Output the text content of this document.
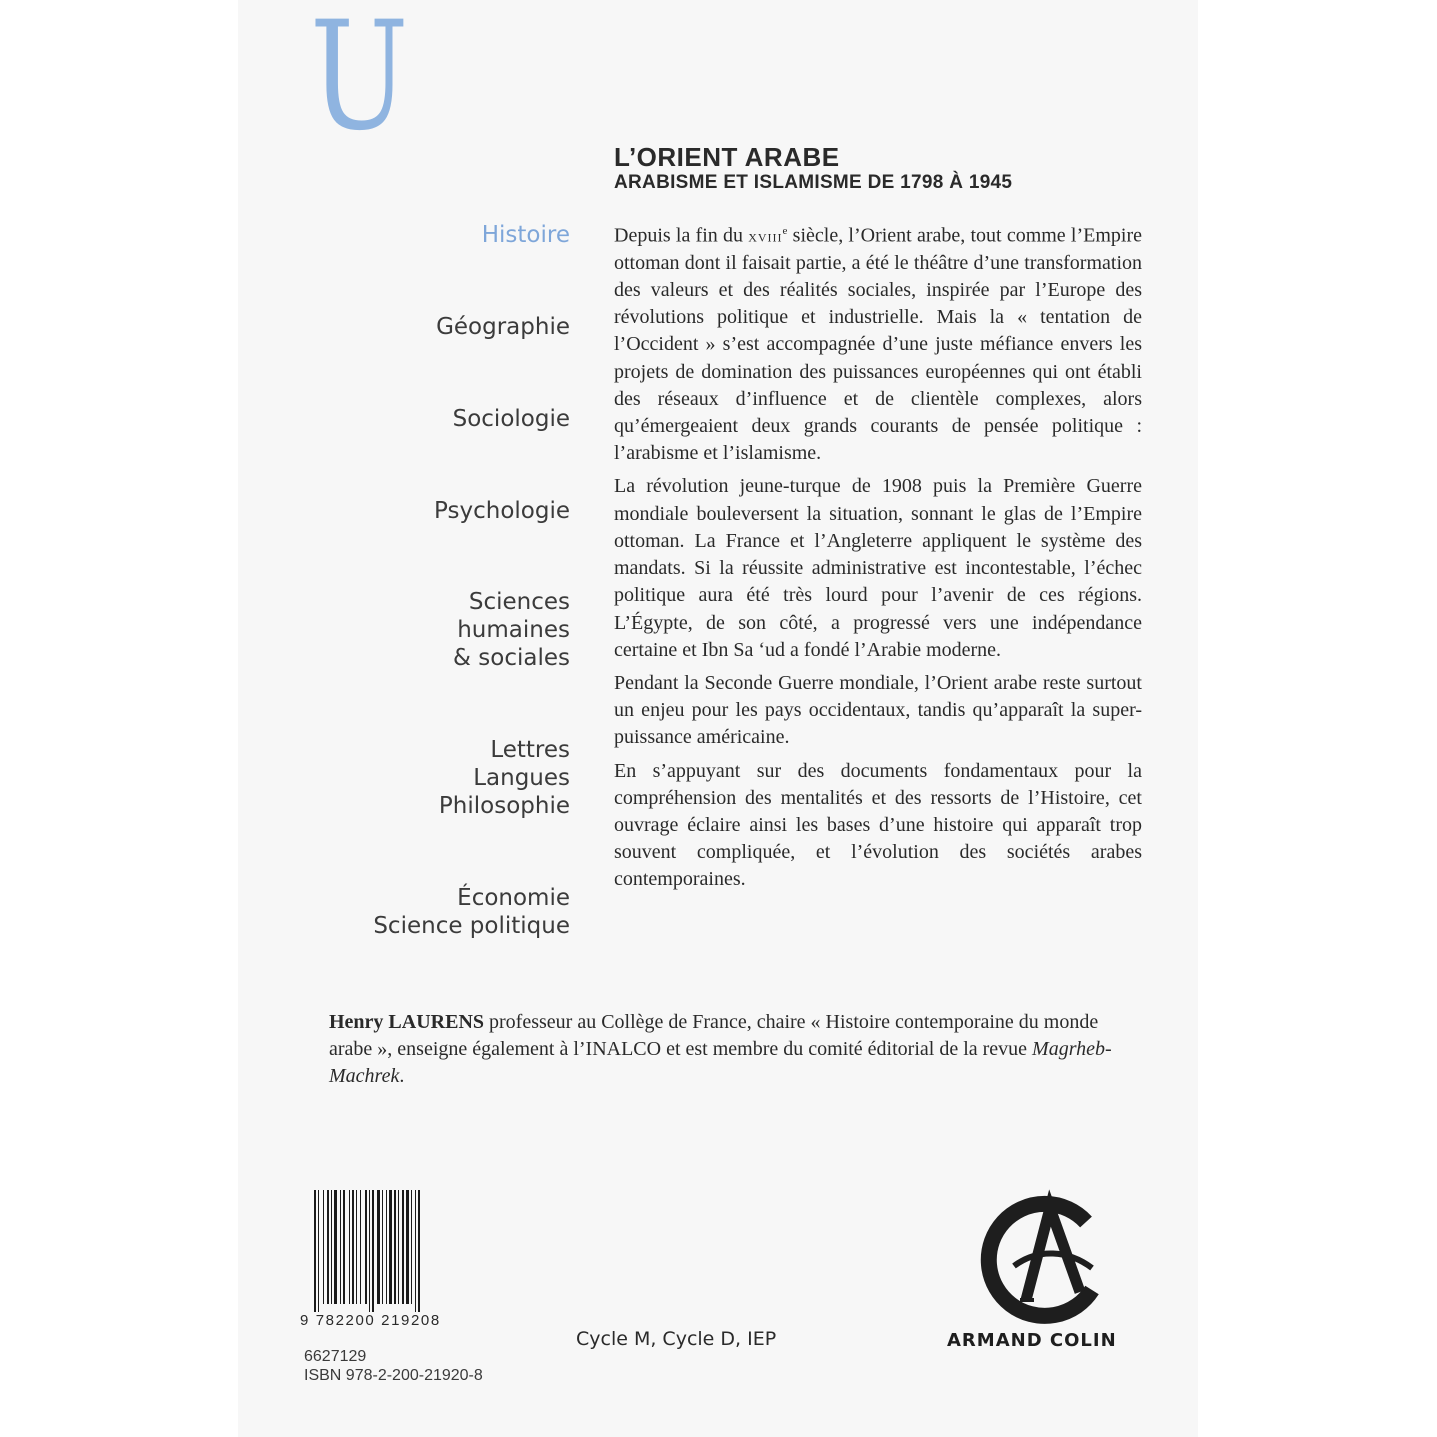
U	L’ORIENT ARABE
ARABISME ET ISLAMISME DE 1798 À 1945
Histoire
Géographie
Sociologie
Psychologie
Sciences
humaines
& sociales
Lettres
Langues
Philosophie
Économie
Science politique

Depuis la fin du xviii$^e$ siècle, l’Orient arabe, tout comme l’Empire ottoman dont il faisait partie, a été le théâtre d’une transformation des valeurs et des réalités sociales, inspirée par l’Europe des révolutions politique et industrielle. Mais la « tentation de l’Occident » s’est accompagnée d’une juste méfiance envers les projets de domination des puissances européennes qui ont établi des réseaux d’influence et de clientèle complexes, alors qu’émergeaient deux grands courants de pensée politique : l’arabisme et l’islamisme.

La révolution jeune-turque de 1908 puis la Première Guerre mondiale bouleversent la situation, sonnant le glas de l’Empire ottoman. La France et l’Angleterre appliquent le système des mandats. Si la réussite administrative est incontestable, l’échec politique aura été très lourd pour l’avenir de ces régions. L’Égypte, de son côté, a progressé vers une indépendance certaine et Ibn Sa ‘ud a fondé l’Arabie moderne.

Pendant la Seconde Guerre mondiale, l’Orient arabe reste surtout un enjeu pour les pays occidentaux, tandis qu’apparaît la super-puissance américaine.

En s’appuyant sur des documents fondamentaux pour la compréhension des mentalités et des ressorts de l’Histoire, cet ouvrage éclaire ainsi les bases d’une histoire qui apparaît trop souvent compliquée, et l’évolution des sociétés arabes contemporaines.

Henry LAURENS professeur au Collège de France, chaire « Histoire contemporaine du monde arabe », enseigne également à l’INALCO et est membre du comité éditorial de la revue Magrheb-Machrek.

9 782200 219208

6627129

ISBN 978-2-200-21920-8

Cycle M, Cycle D, IEP	ARMAND COLIN
